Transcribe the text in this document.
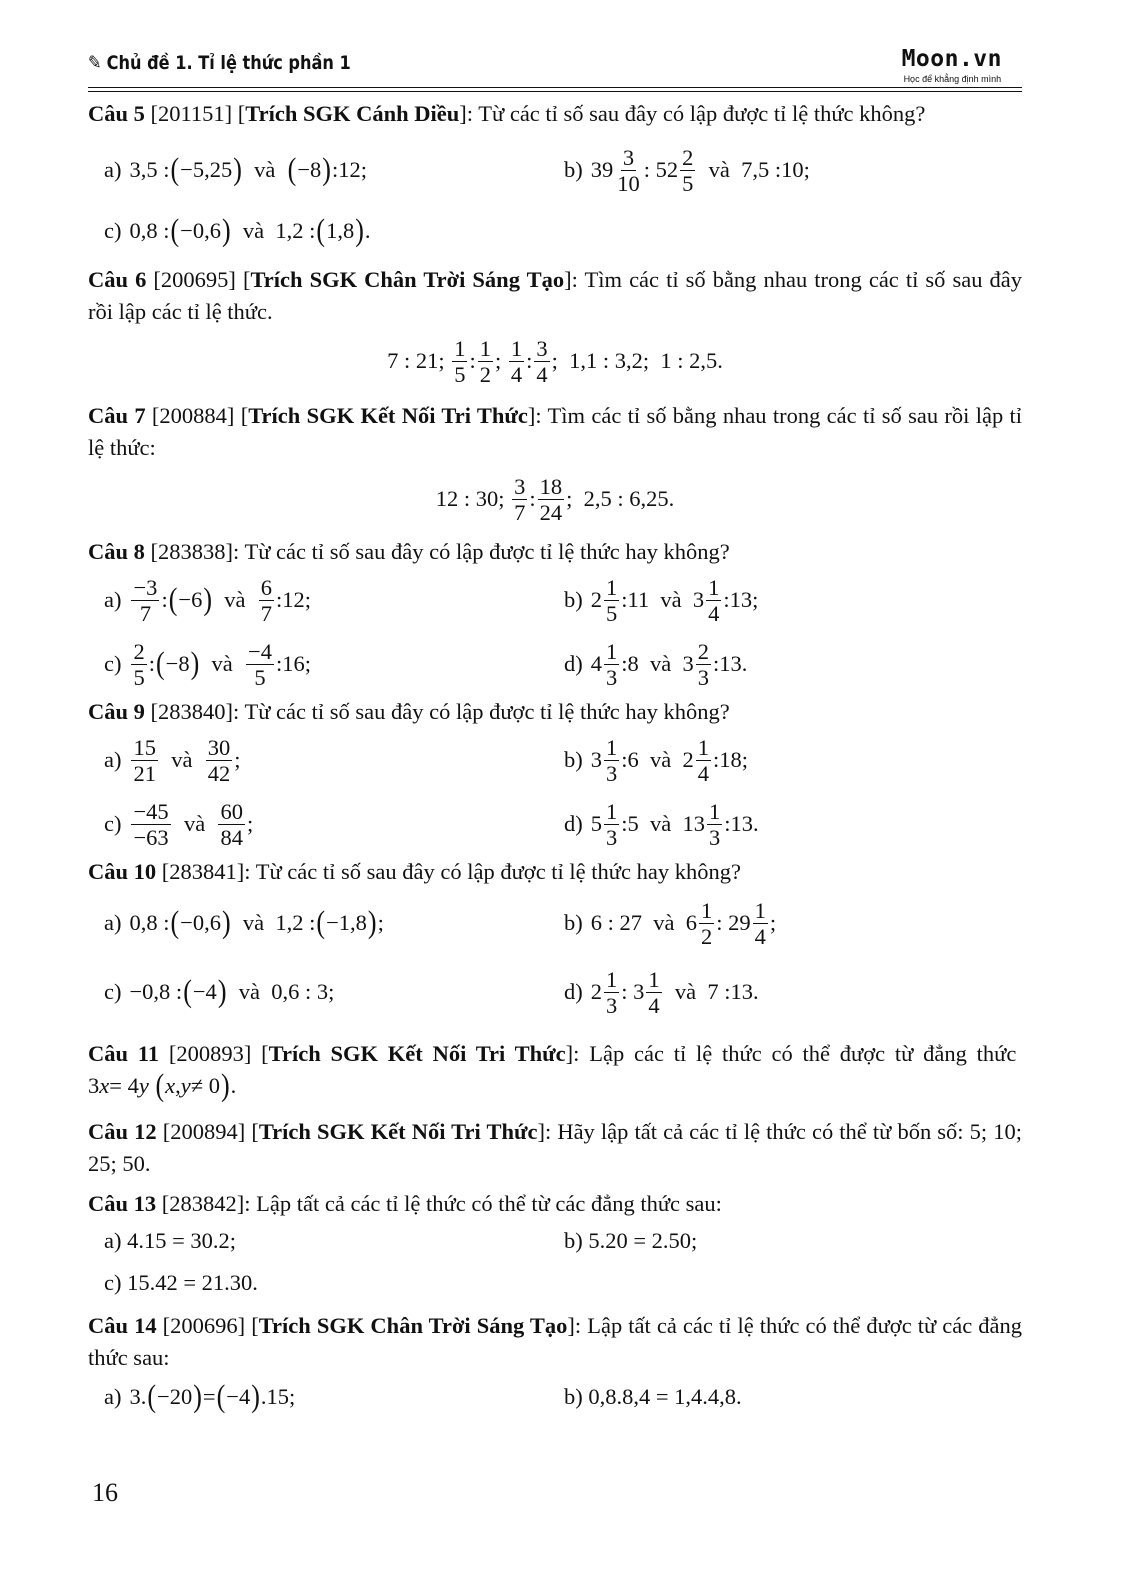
✎ Chủ đề 1. Tỉ lệ thức phần 1	Moon.vn
Học để khẳng định mình
Câu 5 [201151] [Trích SGK Cánh Diều]: Từ các tỉ số sau đây có lập được tỉ lệ thức không?
a) 3,5 : ( −5,25 ) và ( −8 ) :12;	b) $39 \frac{3}{10}$ : $52 \frac{2}{5}$ và  7,5 :10;
c) 0,8 : ( −0,6 ) và  1,2 : ( 1,8 ) .
Câu 6 [200695] [Trích SGK Chân Trời Sáng Tạo]: Tìm các tỉ số bằng nhau trong các tỉ số sau đây rồi lập các tỉ lệ thức.
7 : 21; $\frac{1}{5}$ : $\frac{1}{2}$ ; $\frac{1}{4}$ : $\frac{3}{4}$ ;  1,1 : 3,2;  1 : 2,5.
Câu 7 [200884] [Trích SGK Kết Nối Tri Thức]: Tìm các tỉ số bằng nhau trong các tỉ số sau rồi lập tỉ lệ thức:
12 : 30; $\frac{3}{7}$ : $\frac{18}{24}$ ;  2,5 : 6,25.
Câu 8 [283838]: Từ các tỉ số sau đây có lập được tỉ lệ thức hay không?
$a) \frac{-3}{7}$ : ( −6 ) và $\frac{6}{7}$ :12;	b) $2 \frac{1}{5}$ :11  và  $3 \frac{1}{4}$ :13;
$c) \frac{2}{5}$ : ( −8 ) và $\frac{-4}{5}$ :16;	d) $4 \frac{1}{3}$ :8  và  $3 \frac{2}{3}$ :13.
Câu 9 [283840]: Từ các tỉ số sau đây có lập được tỉ lệ thức hay không?
$a) \frac{15}{21}$ và $\frac{30}{42}$ ;	b) $3 \frac{1}{3}$ :6  và  $2 \frac{1}{4}$ :18;
$c) \frac{-45}{-63}$ và $\frac{60}{84}$ ;	d) $5 \frac{1}{3}$ :5  và  $13 \frac{1}{3}$ :13.
Câu 10 [283841]: Từ các tỉ số sau đây có lập được tỉ lệ thức hay không?
a) 0,8 : ( −0,6 ) và  1,2 : ( −1,8 ) ;	b) 6 : 27  và  $6 \frac{1}{2}$ : $29 \frac{1}{4}$ ;
c) −0,8 : ( −4 ) và  0,6 : 3;	d) $2 \frac{1}{3}$ : $3 \frac{1}{4}$ và  7 :13.
Câu 11 [200893] [Trích SGK Kết Nối Tri Thức]: Lập các tỉ lệ thức có thể được từ đẳng thức 3 x = 4 y
( x , y ≠ 0 ) .
Câu 12 [200894] [Trích SGK Kết Nối Tri Thức]: Hãy lập tất cả các tỉ lệ thức có thể từ bốn số: 5; 10; 25; 50.
Câu 13 [283842]: Lập tất cả các tỉ lệ thức có thể từ các đẳng thức sau:
a) 4.15 = 30.2;	b) 5.20 = 2.50;
c) 15.42 = 21.30.
Câu 14 [200696] [Trích SGK Chân Trời Sáng Tạo]: Lập tất cả các tỉ lệ thức có thể được từ các đẳng thức sau:
a) 3. ( −20 ) = ( −4 ) .15;	b) 0,8.8,4 = 1,4.4,8.
16
